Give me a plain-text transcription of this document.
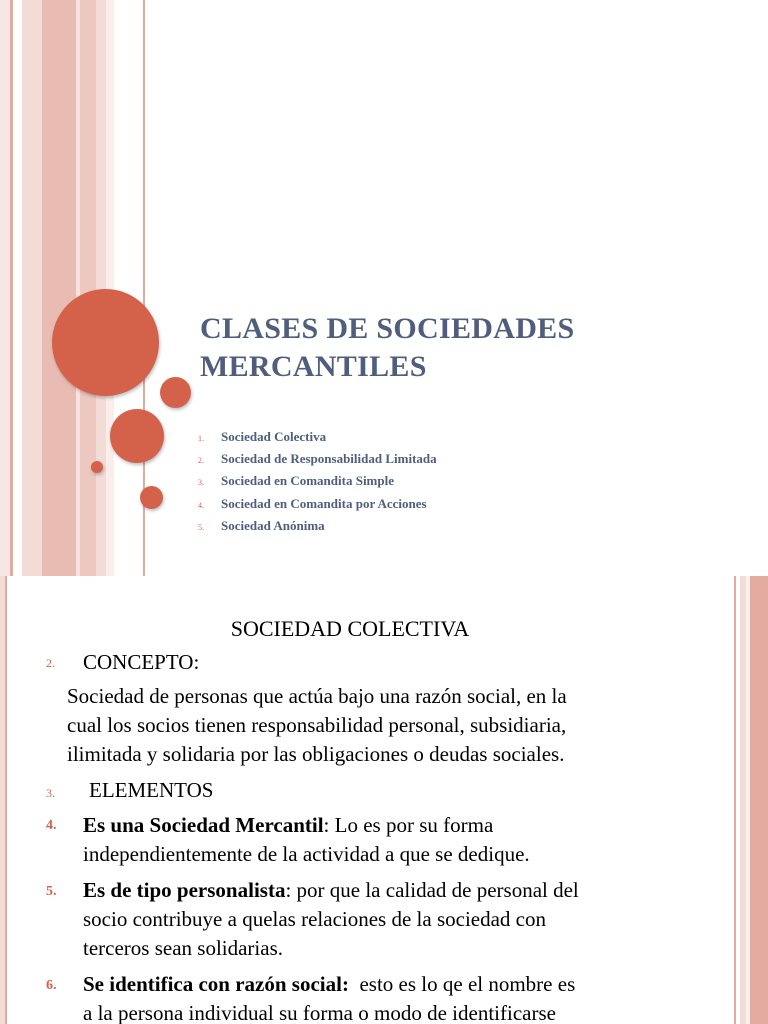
CLASES DE SOCIEDADES
MERCANTILES
1.	Sociedad Colectiva
2.	Sociedad de Responsabilidad Limitada
3.	Sociedad en Comandita Simple
4.	Sociedad en Comandita por Acciones
5.	Sociedad Anónima
SOCIEDAD COLECTIVA
2. CONCEPTO:
Sociedad de personas que actúa bajo una razón social, en la
cual los socios tienen responsabilidad personal, subsidiaria,
ilimitada y solidaria por las obligaciones o deudas sociales.
3. ELEMENTOS
4. Es una Sociedad Mercantil: Lo es por su forma
independientemente de la actividad a que se dedique.
5. Es de tipo personalista: por que la calidad de personal del
socio contribuye a quelas relaciones de la sociedad con
terceros sean solidarias.
6. Se identifica con razón social:  esto es lo qe el nombre es
a la persona individual su forma o modo de identificarse
